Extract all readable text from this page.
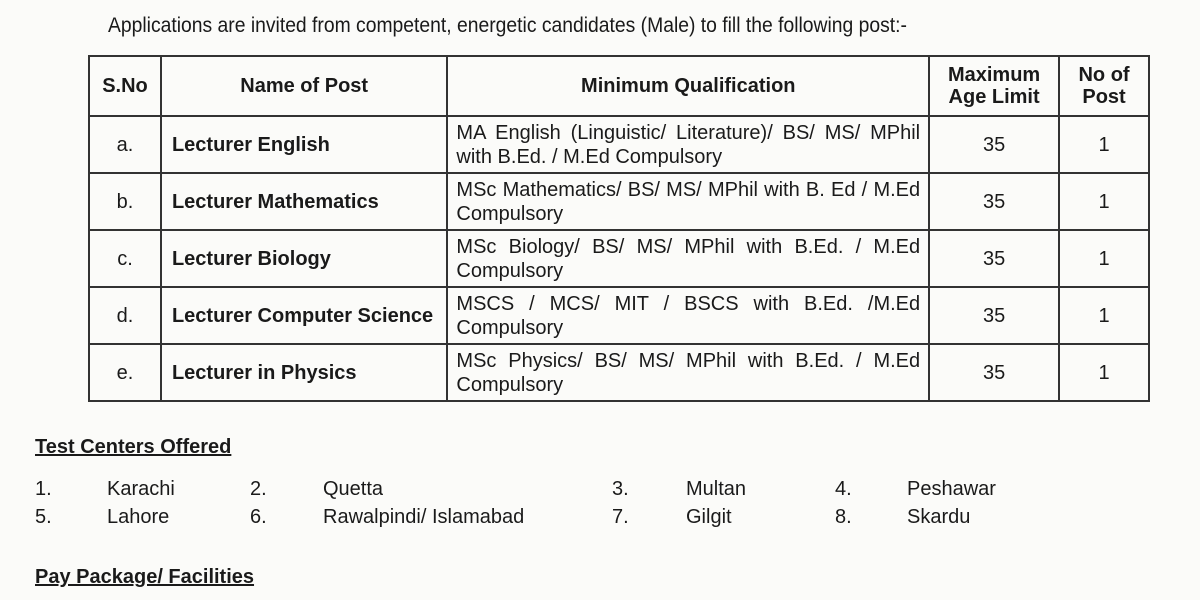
Applications are invited from competent, energetic candidates (Male) to fill the following post:-
S.No	Name of Post	Minimum Qualification	Maximum Age Limit	No of Post
a.	Lecturer English	MA English (Linguistic/ Literature)/ BS/ MS/ MPhil with B.Ed. / M.Ed Compulsory	35	1
b.	Lecturer Mathematics	MSc Mathematics/ BS/ MS/ MPhil with B. Ed / M.Ed Compulsory	35	1
c.	Lecturer Biology	MSc Biology/ BS/ MS/ MPhil with B.Ed. / M.Ed Compulsory	35	1
d.	Lecturer Computer Science	MSCS / MCS/ MIT / BSCS with B.Ed. /M.Ed Compulsory	35	1
e.	Lecturer in Physics	MSc Physics/ BS/ MS/ MPhil with B.Ed. / M.Ed Compulsory	35	1
Test Centers Offered
1.	Karachi	2.	Quetta	3.	Multan	4.	Peshawar
5.	Lahore	6.	Rawalpindi/ Islamabad	7.	Gilgit	8.	Skardu
Pay Package/ Facilities
